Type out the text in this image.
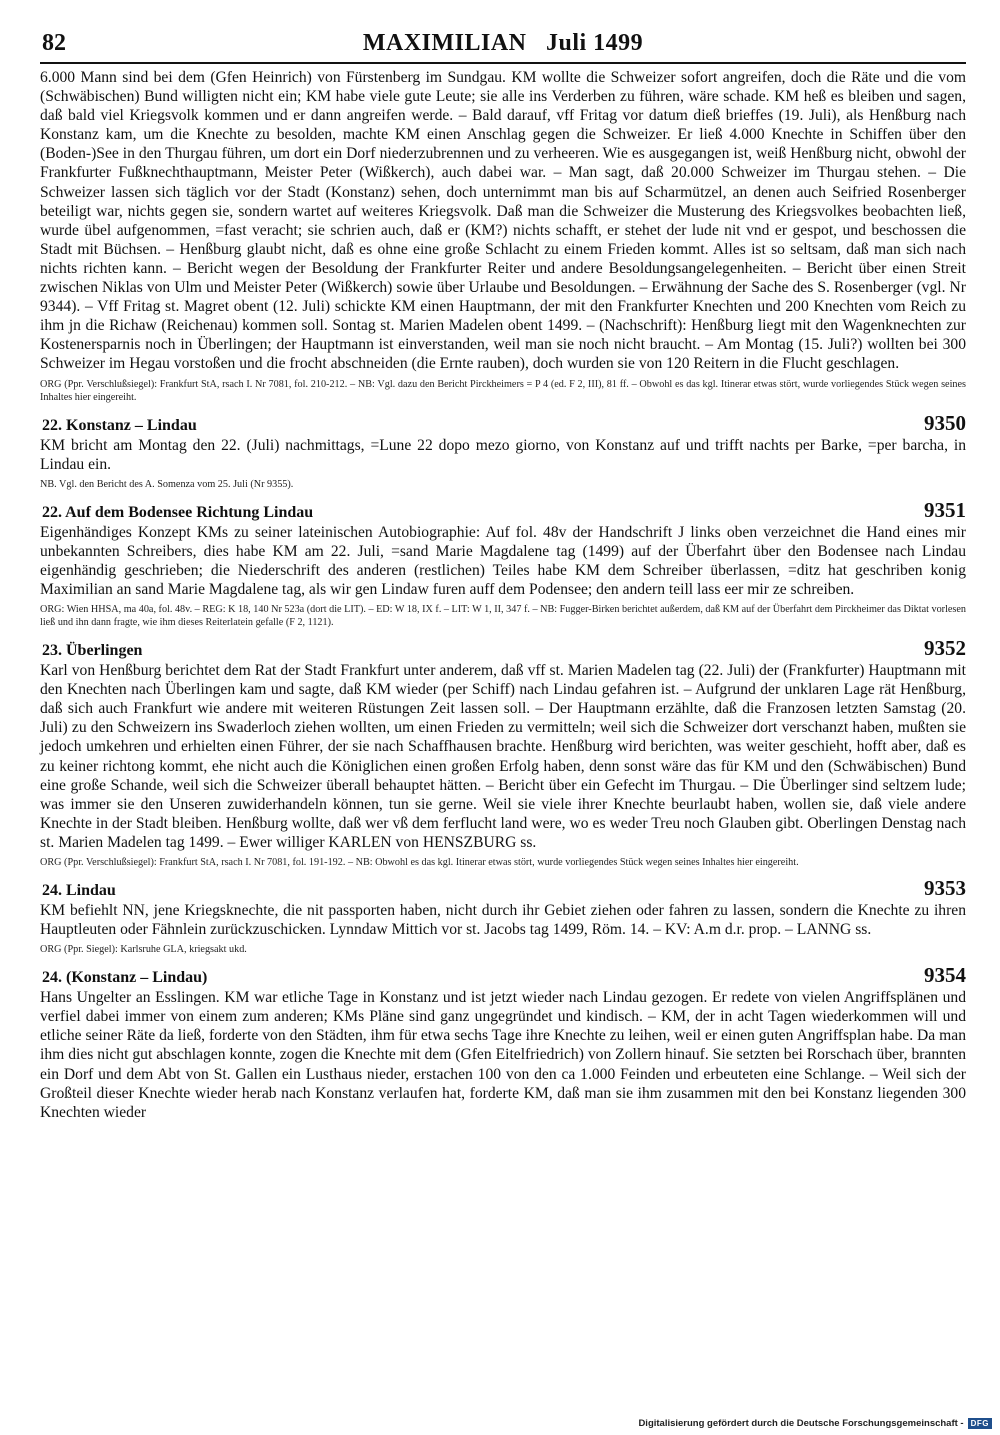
82	MAXIMILIAN   Juli 1499

6.000 Mann sind bei dem (Gfen Heinrich) von Fürstenberg im Sundgau. KM wollte die Schweizer sofort angreifen, doch die Räte und die vom (Schwäbischen) Bund willigten nicht ein; KM habe viele gute Leute; sie alle ins Verderben zu führen, wäre schade. KM heß es bleiben und sagen, daß bald viel Kriegsvolk kommen und er dann angreifen werde. – Bald darauf, vff Fritag vor datum dieß brieffes (19. Juli), als Henßburg nach Konstanz kam, um die Knechte zu besolden, machte KM einen Anschlag gegen die Schweizer. Er ließ 4.000 Knechte in Schiffen über den (Boden-)See in den Thurgau führen, um dort ein Dorf niederzubrennen und zu verheeren. Wie es ausgegangen ist, weiß Henßburg nicht, obwohl der Frankfurter Fußknechthauptmann, Meister Peter (Wißkerch), auch dabei war. – Man sagt, daß 20.000 Schweizer im Thurgau stehen. – Die Schweizer lassen sich täglich vor der Stadt (Konstanz) sehen, doch unternimmt man bis auf Scharmützel, an denen auch Seifried Rosenberger beteiligt war, nichts gegen sie, sondern wartet auf weiteres Kriegsvolk. Daß man die Schweizer die Musterung des Kriegsvolkes beobachten ließ, wurde übel aufgenommen, =fast veracht; sie schrien auch, daß er (KM?) nichts schafft, er stehet der lude nit vnd er gespot, und beschossen die Stadt mit Büchsen. – Henßburg glaubt nicht, daß es ohne eine große Schlacht zu einem Frieden kommt. Alles ist so seltsam, daß man sich nach nichts richten kann. – Bericht wegen der Besoldung der Frankfurter Reiter und andere Besoldungsangelegenheiten. – Bericht über einen Streit zwischen Niklas von Ulm und Meister Peter (Wißkerch) sowie über Urlaube und Besoldungen. – Erwähnung der Sache des S. Rosenberger (vgl. Nr 9344). – Vff Fritag st. Magret obent (12. Juli) schickte KM einen Hauptmann, der mit den Frankfurter Knechten und 200 Knechten vom Reich zu ihm jn die Richaw (Reichenau) kommen soll. Sontag st. Marien Madelen obent 1499. – (Nachschrift): Henßburg liegt mit den Wagenknechten zur Kostenersparnis noch in Überlingen; der Hauptmann ist einverstanden, weil man sie noch nicht braucht. – Am Montag (15. Juli?) wollten bei 300 Schweizer im Hegau vorstoßen und die frocht abschneiden (die Ernte rauben), doch wurden sie von 120 Reitern in die Flucht geschlagen.

ORG (Ppr. Verschlußsiegel): Frankfurt StA, rsach I. Nr 7081, fol. 210-212. – NB: Vgl. dazu den Bericht Pirckheimers = P 4 (ed. F 2, III), 81 ff. – Obwohl es das kgl. Itinerar etwas stört, wurde vorliegendes Stück wegen seines Inhaltes hier eingereiht.

22. Konstanz – Lindau	9350

KM bricht am Montag den 22. (Juli) nachmittags, =Lune 22 dopo mezo giorno, von Konstanz auf und trifft nachts per Barke, =per barcha, in Lindau ein.

NB. Vgl. den Bericht des A. Somenza vom 25. Juli (Nr 9355).

22. Auf dem Bodensee Richtung Lindau	9351

Eigenhändiges Konzept KMs zu seiner lateinischen Autobiographie: Auf fol. 48v der Handschrift J links oben verzeichnet die Hand eines mir unbekannten Schreibers, dies habe KM am 22. Juli, =sand Marie Magdalene tag (1499) auf der Überfahrt über den Bodensee nach Lindau eigenhändig geschrieben; die Niederschrift des anderen (restlichen) Teiles habe KM dem Schreiber überlassen, =ditz hat geschriben konig Maximilian an sand Marie Magdalene tag, als wir gen Lindaw furen auff dem Podensee; den andern teill lass eer mir ze schreiben.

ORG: Wien HHSA, ma 40a, fol. 48v. – REG: K 18, 140 Nr 523a (dort die LIT). – ED: W 18, IX f. – LIT: W 1, II, 347 f. – NB: Fugger-Birken berichtet außerdem, daß KM auf der Überfahrt dem Pirckheimer das Diktat vorlesen ließ und ihn dann fragte, wie ihm dieses Reiterlatein gefalle (F 2, 1121).

23. Überlingen	9352

Karl von Henßburg berichtet dem Rat der Stadt Frankfurt unter anderem, daß vff st. Marien Madelen tag (22. Juli) der (Frankfurter) Hauptmann mit den Knechten nach Überlingen kam und sagte, daß KM wieder (per Schiff) nach Lindau gefahren ist. – Aufgrund der unklaren Lage rät Henßburg, daß sich auch Frankfurt wie andere mit weiteren Rüstungen Zeit lassen soll. – Der Hauptmann erzählte, daß die Franzosen letzten Samstag (20. Juli) zu den Schweizern ins Swaderloch ziehen wollten, um einen Frieden zu vermitteln; weil sich die Schweizer dort verschanzt haben, mußten sie jedoch umkehren und erhielten einen Führer, der sie nach Schaffhausen brachte. Henßburg wird berichten, was weiter geschieht, hofft aber, daß es zu keiner richtong kommt, ehe nicht auch die Königlichen einen großen Erfolg haben, denn sonst wäre das für KM und den (Schwäbischen) Bund eine große Schande, weil sich die Schweizer überall behauptet hätten. – Bericht über ein Gefecht im Thurgau. – Die Überlinger sind seltzem lude; was immer sie den Unseren zuwiderhandeln können, tun sie gerne. Weil sie viele ihrer Knechte beurlaubt haben, wollen sie, daß viele andere Knechte in der Stadt bleiben. Henßburg wollte, daß wer vß dem ferflucht land were, wo es weder Treu noch Glauben gibt. Oberlingen Denstag nach st. Marien Madelen tag 1499. – Ewer williger KARLEN von HENSZBURG ss.

ORG (Ppr. Verschlußsiegel): Frankfurt StA, rsach I. Nr 7081, fol. 191-192. – NB: Obwohl es das kgl. Itinerar etwas stört, wurde vorliegendes Stück wegen seines Inhaltes hier eingereiht.

24. Lindau	9353

KM befiehlt NN, jene Kriegsknechte, die nit passporten haben, nicht durch ihr Gebiet ziehen oder fahren zu lassen, sondern die Knechte zu ihren Hauptleuten oder Fähnlein zurückzuschicken. Lynndaw Mittich vor st. Jacobs tag 1499, Röm. 14. – KV: A.m d.r. prop. – LANNG ss.

ORG (Ppr. Siegel): Karlsruhe GLA, kriegsakt ukd.

24. (Konstanz – Lindau)	9354

Hans Ungelter an Esslingen. KM war etliche Tage in Konstanz und ist jetzt wieder nach Lindau gezogen. Er redete von vielen Angriffsplänen und verfiel dabei immer von einem zum anderen; KMs Pläne sind ganz ungegründet und kindisch. – KM, der in acht Tagen wiederkommen will und etliche seiner Räte da ließ, forderte von den Städten, ihm für etwa sechs Tage ihre Knechte zu leihen, weil er einen guten Angriffsplan habe. Da man ihm dies nicht gut abschlagen konnte, zogen die Knechte mit dem (Gfen Eitelfriedrich) von Zollern hinauf. Sie setzten bei Rorschach über, brannten ein Dorf und dem Abt von St. Gallen ein Lusthaus nieder, erstachen 100 von den ca 1.000 Feinden und erbeuteten eine Schlange. – Weil sich der Großteil dieser Knechte wieder herab nach Konstanz verlaufen hat, forderte KM, daß man sie ihm zusammen mit den bei Konstanz liegenden 300 Knechten wieder

Digitalisierung gefördert durch die Deutsche Forschungsgemeinschaft - DFG
